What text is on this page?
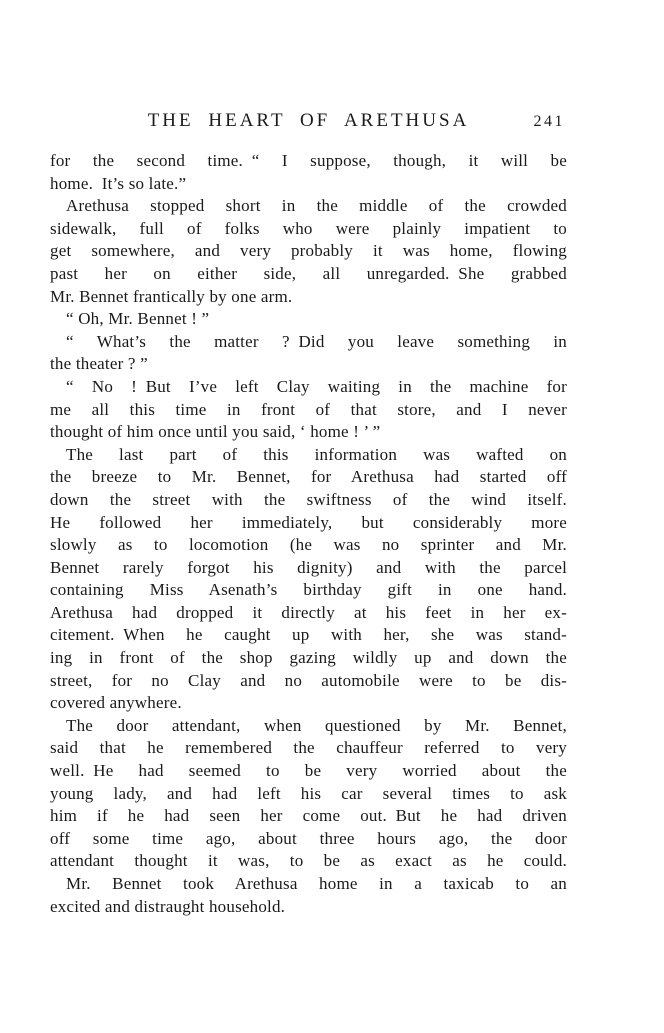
THE HEART OF ARETHUSA	241
for the second time. “ I suppose, though, it will be
home. It’s so late.”
Arethusa stopped short in the middle of the crowded
sidewalk, full of folks who were plainly impatient to
get somewhere, and very probably it was home, flowing
past her on either side, all unregarded. She grabbed
Mr. Bennet frantically by one arm.
“ Oh, Mr. Bennet ! ”
“ What’s the matter ? Did you leave something in
the theater ? ”
“ No ! But I’ve left Clay waiting in the machine for
me all this time in front of that store, and I never
thought of him once until you said, ‘ home ! ’ ”
The last part of this information was wafted on
the breeze to Mr. Bennet, for Arethusa had started off
down the street with the swiftness of the wind itself.
He followed her immediately, but considerably more
slowly as to locomotion (he was no sprinter and Mr.
Bennet rarely forgot his dignity) and with the parcel
containing Miss Asenath’s birthday gift in one hand.
Arethusa had dropped it directly at his feet in her ex-
citement. When he caught up with her, she was stand-
ing in front of the shop gazing wildly up and down the
street, for no Clay and no automobile were to be dis-
covered anywhere.
The door attendant, when questioned by Mr. Bennet,
said that he remembered the chauffeur referred to very
well. He had seemed to be very worried about the
young lady, and had left his car several times to ask
him if he had seen her come out. But he had driven
off some time ago, about three hours ago, the door
attendant thought it was, to be as exact as he could.
Mr. Bennet took Arethusa home in a taxicab to an
excited and distraught household.
